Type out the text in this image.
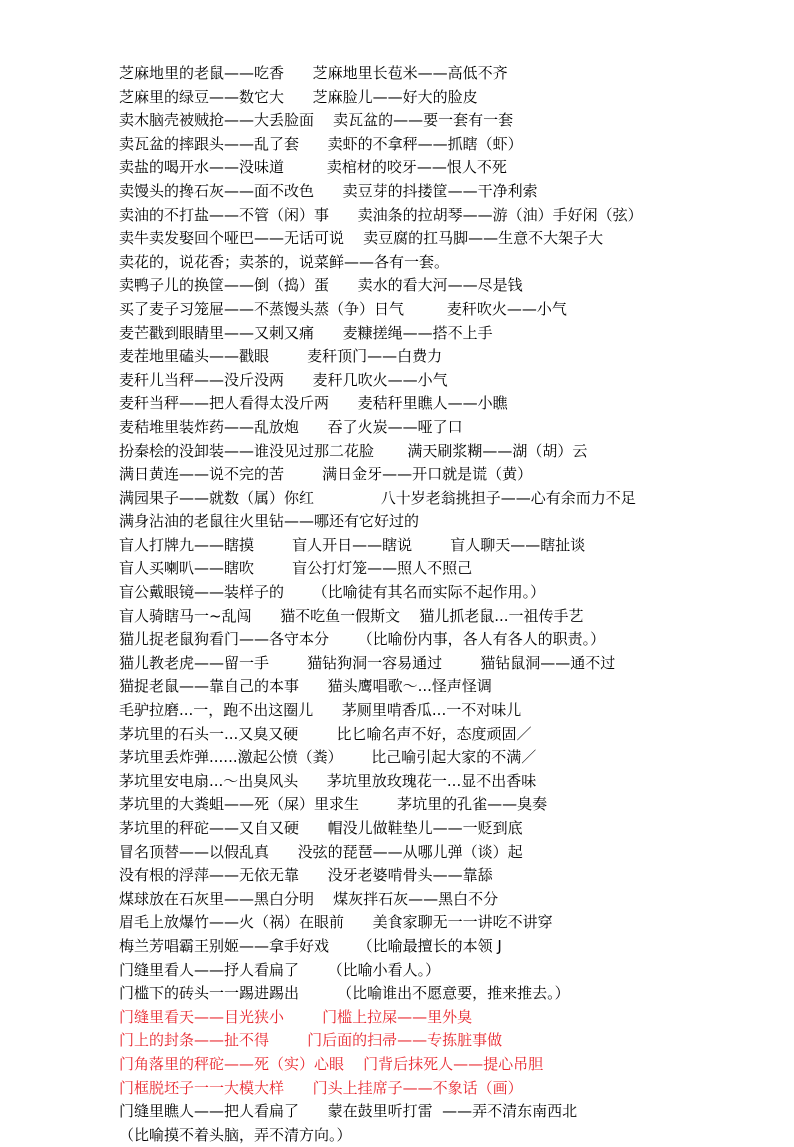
芝麻地里的老鼠——吃香      芝麻地里长苞米——高低不齐
芝麻里的绿豆——数它大      芝麻脸儿——好大的脸皮
卖木脑壳被贼抢——大丢脸面    卖瓦盆的——要一套有一套
卖瓦盆的摔跟头——乱了套      卖虾的不拿秤——抓瞎（虾）
卖盐的喝开水——没味道         卖棺材的咬牙——恨人不死
卖馒头的搀石灰——面不改色      卖豆芽的抖搂筐——干净利索
卖油的不打盐——不管（闲）事      卖油条的拉胡琴——游（油）手好闲（弦）
卖牛卖发娶回个哑巴——无话可说    卖豆腐的扛马脚——生意不大架子大
卖花的，说花香；卖茶的，说菜鲜——各有一套。
卖鸭子儿的换筐——倒（捣）蛋      卖水的看大河——尽是钱
买了麦子习笼屉——不蒸馒头蒸（争）日气         麦秆吹火——小气
麦芒戳到眼睛里——又刺又痛      麦糠搓绳——搭不上手
麦茬地里磕头——戳眼        麦秆顶门——白费力
麦秆儿当秤——没斤没两      麦秆几吹火——小气
麦秆当秤——把人看得太没斤两      麦秸秆里瞧人——小瞧
麦秸堆里装炸药——乱放炮      吞了火炭——哑了口
扮秦桧的没卸装——谁没见过那二花脸       满天刷浆糊——湖（胡）云
满日黄连——说不完的苦        满日金牙——开口就是谎（黄）
满园果子——就数（属）你红              八十岁老翁挑担子——心有余而力不足
满身沾油的老鼠往火里钻——哪还有它好过的
盲人打牌九——瞎摸        盲人开日——瞎说        盲人聊天——瞎扯谈
盲人买喇叭——瞎吹        盲公打灯笼——照人不照己
盲公戴眼镜——装样子的      （比喻徒有其名而实际不起作用。）
盲人骑瞎马一~乱闯      猫不吃鱼一假斯文    猫儿抓老鼠...一祖传手艺
猫儿捉老鼠狗看门——各守本分      （比喻份内事，各人有各人的职责。）
猫儿教老虎——留一手        猫钻狗洞一容易通过        猫钻鼠洞——通不过
猫捉老鼠——靠自己的本事      猫头鹰唱歌～...怪声怪调
毛驴拉磨...一，跑不出这圈儿      茅厕里啃香瓜...一不对味儿
茅坑里的石头一...又臭又硬        比匕喻名声不好，态度顽固／
茅坑里丢炸弹......激起公愤（粪）      比己喻引起大家的不满／
茅坑里安电扇...～出臭风头      茅坑里放玫瑰花一...显不出香味
茅坑里的大粪蛆——死（屎）里求生        茅坑里的孔雀——臭奏
茅坑里的秤砣——又自又硬      帽没儿做鞋垫儿——一贬到底
冒名顶替——以假乱真      没弦的琵琶——从哪儿弹（谈）起
没有根的浮萍——无依无靠      没牙老婆啃骨头——靠舔
煤球放在石灰里——黑白分明    煤灰拌石灰——黑白不分
眉毛上放爆竹——火（祸）在眼前      美食家聊无一一讲吃不讲穿
梅兰芳唱霸王别姬——拿手好戏      （比喻最擅长的本领 J
门缝里看人——抒人看扁了      （比喻小看人。）
门槛下的砖头一一踢进踢出        （比喻谁出不愿意要，推来推去。）
门缝里看天——目光狭小        门槛上拉屎——里外臭
门上的封条——扯不得        门后面的扫帚——专拣脏事做
门角落里的秤砣——死（实）心眼    门背后抹死人——提心吊胆
门框脱坯子一一大模大样      门头上挂席子——不象话（画）
门缝里瞧人——把人看扁了      蒙在鼓里听打雷  ——弄不清东南西北
（比喻摸不着头脑，弄不清方向。）
